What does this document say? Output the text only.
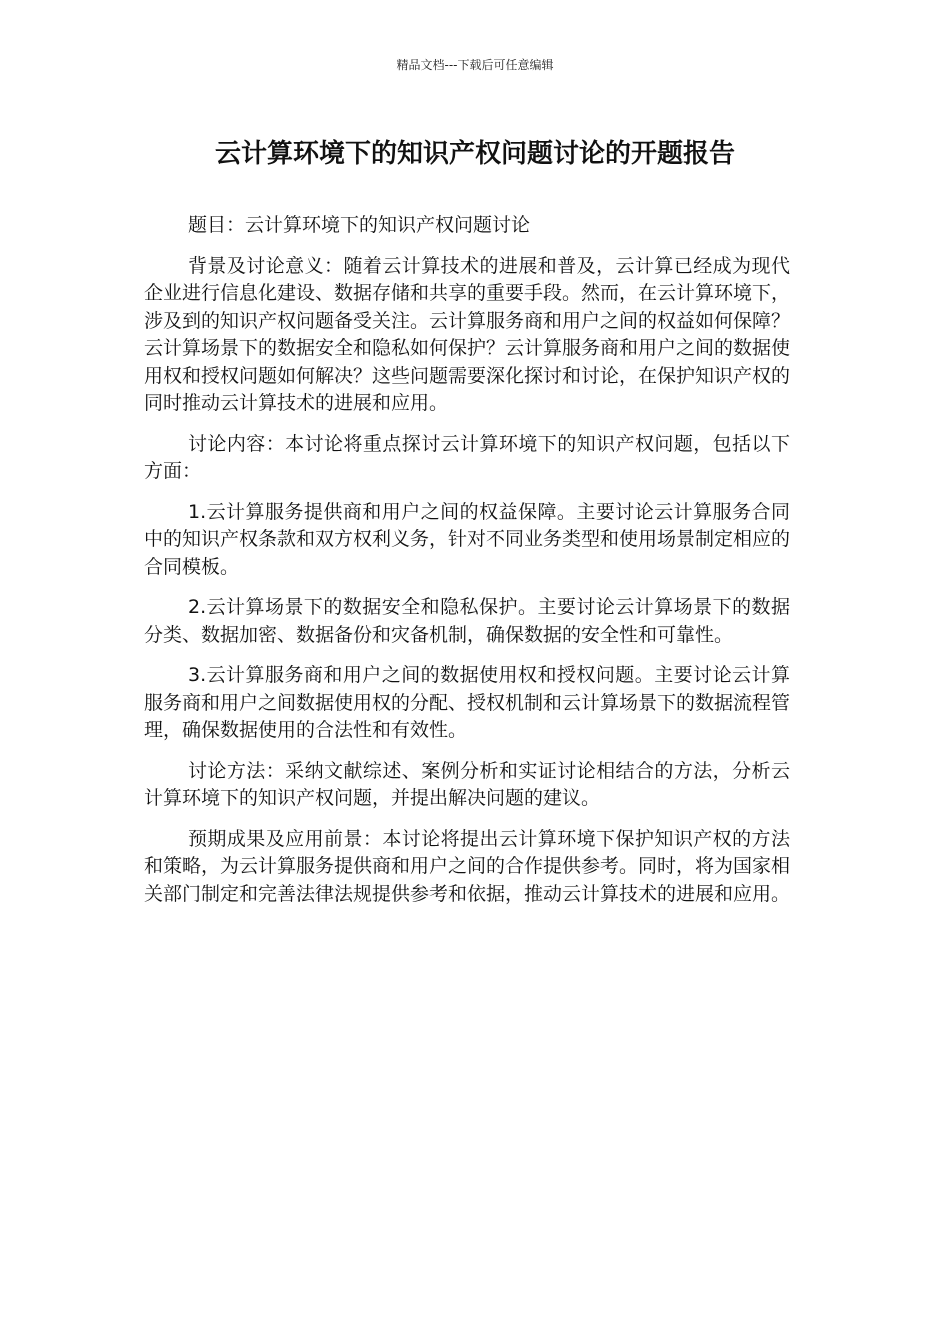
精品文档---下载后可任意编辑
云计算环境下的知识产权问题讨论的开题报告

题目：云计算环境下的知识产权问题讨论

背景及讨论意义：随着云计算技术的进展和普及，云计算已经成为现代企业进行信息化建设、数据存储和共享的重要手段。然而，在云计算环境下，涉及到的知识产权问题备受关注。云计算服务商和用户之间的权益如何保障？云计算场景下的数据安全和隐私如何保护？云计算服务商和用户之间的数据使用权和授权问题如何解决？这些问题需要深化探讨和讨论，在保护知识产权的同时推动云计算技术的进展和应用。

讨论内容：本讨论将重点探讨云计算环境下的知识产权问题，包括以下方面：

1.云计算服务提供商和用户之间的权益保障。主要讨论云计算服务合同中的知识产权条款和双方权利义务，针对不同业务类型和使用场景制定相应的合同模板。

2.云计算场景下的数据安全和隐私保护。主要讨论云计算场景下的数据分类、数据加密、数据备份和灾备机制，确保数据的安全性和可靠性。

3.云计算服务商和用户之间的数据使用权和授权问题。主要讨论云计算服务商和用户之间数据使用权的分配、授权机制和云计算场景下的数据流程管理，确保数据使用的合法性和有效性。

讨论方法：采纳文献综述、案例分析和实证讨论相结合的方法，分析云计算环境下的知识产权问题，并提出解决问题的建议。

预期成果及应用前景：本讨论将提出云计算环境下保护知识产权的方法和策略，为云计算服务提供商和用户之间的合作提供参考。同时，将为国家相关部门制定和完善法律法规提供参考和依据，推动云计算技术的进展和应用。
